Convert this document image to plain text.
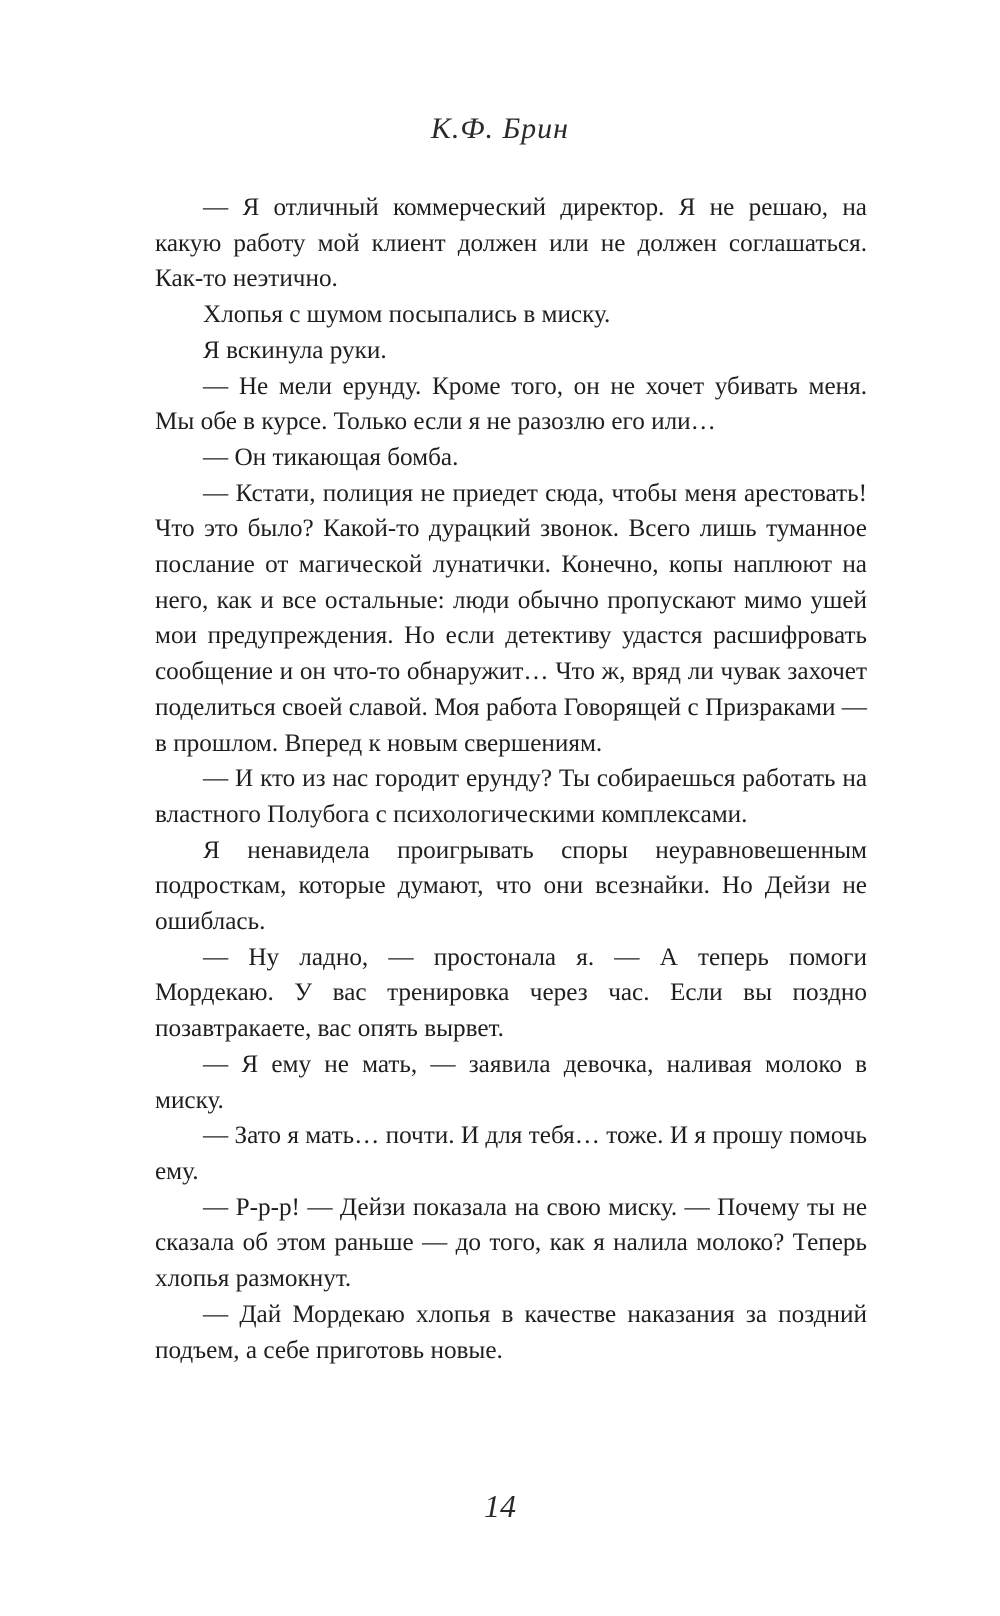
К.Ф. Брин

— Я отличный коммерческий директор. Я не решаю, на какую работу мой клиент должен или не должен соглашаться. Как-то неэтично.

Хлопья с шумом посыпались в миску.

Я вскинула руки.

— Не мели ерунду. Кроме того, он не хочет убивать меня. Мы обе в курсе. Только если я не разозлю его или…

— Он тикающая бомба.

— Кстати, полиция не приедет сюда, чтобы меня арестовать! Что это было? Какой-то дурацкий звонок. Всего лишь туманное послание от магической лунатички. Конечно, копы наплюют на него, как и все остальные: люди обычно пропускают мимо ушей мои предупреждения. Но если детективу удастся расшифровать сообщение и он что-то обнаружит… Что ж, вряд ли чувак захочет поделиться своей славой. Моя работа Говорящей с Призраками — в прошлом. Вперед к новым свершениям.

— И кто из нас городит ерунду? Ты собираешься работать на властного Полубога с психологическими комплексами.

Я ненавидела проигрывать споры неуравновешенным подросткам, которые думают, что они всезнайки. Но Дейзи не ошиблась.

— Ну ладно, — простонала я. — А теперь помоги Мордекаю. У вас тренировка через час. Если вы поздно позавтракаете, вас опять вырвет.

— Я ему не мать, — заявила девочка, наливая молоко в миску.

— Зато я мать… почти. И для тебя… тоже. И я прошу помочь ему.

— Р-р-р! — Дейзи показала на свою миску. — Почему ты не сказала об этом раньше — до того, как я налила молоко? Теперь хлопья размокнут.

— Дай Мордекаю хлопья в качестве наказания за поздний подъем, а себе приготовь новые.

14
